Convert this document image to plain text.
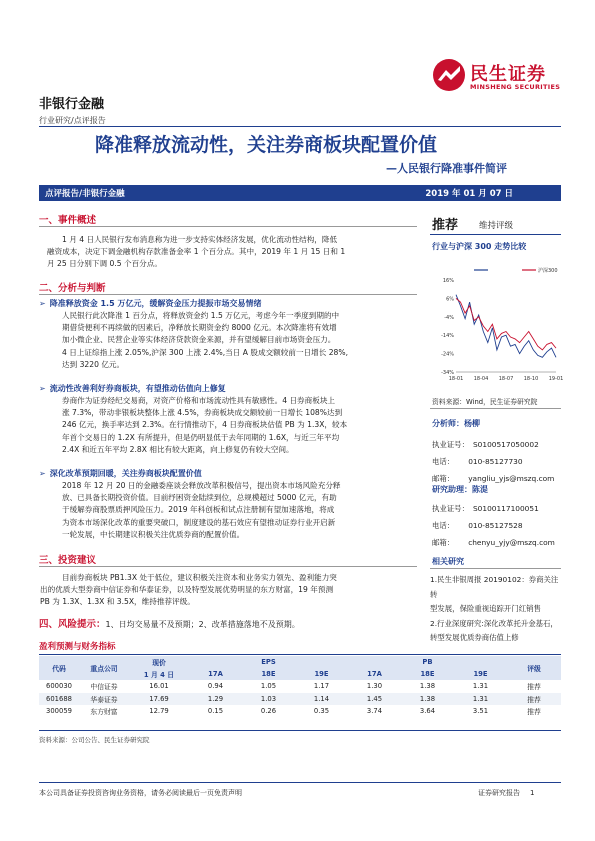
非银行金融
行业研究/点评报告
民生证券
MINSHENG SECURITIES
降准释放流动性，关注券商板块配置价值
—人民银行降准事件简评
点评报告/非银行金融	2019 年 01 月 07 日
一、事件概述
1 月 4 日人民银行发布消息称为进一步支持实体经济发展，优化流动性结构，降低
融资成本，决定下调金融机构存款准备金率 1 个百分点。其中，2019 年 1 月 15 日和 1
月 25 日分别下调 0.5 个百分点。
二、分析与判断
➢ 降准释放资金 1.5 万亿元，缓解资金压力提振市场交易情绪
人民银行此次降准 1 百分点，将释放资金约 1.5 万亿元，考虑今年一季度到期的中
期借贷便利不再续做的因素后，净释放长期资金约 8000 亿元。本次降准将有效增
加小微企业、民营企业等实体经济贷款资金来源，并有望缓解目前市场资金压力。
4 日上证综指上涨 2.05%,沪深 300 上涨 2.4%,当日 A 股成交额较前一日增长 28%,
达到 3220 亿元。
➢ 流动性改善利好券商板块，有望推动估值向上修复
券商作为证券经纪交易商，对资产价格和市场流动性具有敏感性。4 日券商板块上
涨 7.3%，带动非银板块整体上涨 4.5%，券商板块成交额较前一日增长 108%达到
246 亿元，换手率达到 2.3%。在行情推动下，4 日券商板块估值 PB 为 1.3X，较本
年首个交易日的 1.2X 有所提升，但是仍明显低于去年同期的 1.6X，与近三年平均
2.4X 和近五年平均 2.8X 相比有较大距离，向上修复仍有较大空间。
➢ 深化改革预期回暖，关注券商板块配置价值
2018 年 12 月 20 日的金融委座谈会释放改革积极信号，提出资本市场风险充分释
放、已具备长期投资价值。目前纾困资金陆续到位，总规模超过 5000 亿元，有助
于缓解券商股票质押风险压力。2019 年科创板和试点注册制有望加速落地，将成
为资本市场深化改革的重要突破口，制度建设的基石效应有望推动证券行业开启新
一轮发展，中长期建议积极关注优质券商的配置价值。
三、投资建议
目前券商板块 PB1.3X 处于低位，建议积极关注资本和业务实力领先、盈利能力突
出的优质大型券商中信证券和华泰证券，以及特型发展优势明显的东方财富，19 年预测
PB 为 1.3X、1.3X 和 3.5X，维持推荐评级。
四、风险提示：1、日均交易量不及预期；2、改革措施落地不及预期。
盈利预测与财务指标
代码	重点公司	现价	EPS			PB			评级
		1 月 4 日	17A	18E	19E	17A	18E	19E	
600030	中信证券	16.01	0.94	1.05	1.17	1.30	1.38	1.31	推荐
601688	华泰证券	17.69	1.29	1.03	1.14	1.45	1.38	1.31	推荐
300059	东方财富	12.79	0.15	0.26	0.35	3.74	3.64	3.51	推荐
资料来源：公司公告、民生证券研究院
推荐 维持评级
行业与沪深 300 走势比较
16%
6%
-4%
-14%
-24%
-34%
18-01 18-04 18-07 18-10 19-01
沪深300
资料来源：Wind，民生证券研究院
分析师：杨柳
执业证号： S0100517050002
电话： 010-85127730
邮箱： yangliu_yjs@mszq.com
研究助理：陈湜
执业证号： S0100117100051
电话： 010-85127528
邮箱： chenyu_yjy@mszq.com
相关研究
1.民生非银周报 20190102：券商关注转
型发展，保险重视追踪开门红销售
2.行业深度研究:深化改革托升金基石，
转型发展优质券商估值上修
本公司具备证券投资咨询业务资格，请务必阅读最后一页免责声明	证券研究报告 1
